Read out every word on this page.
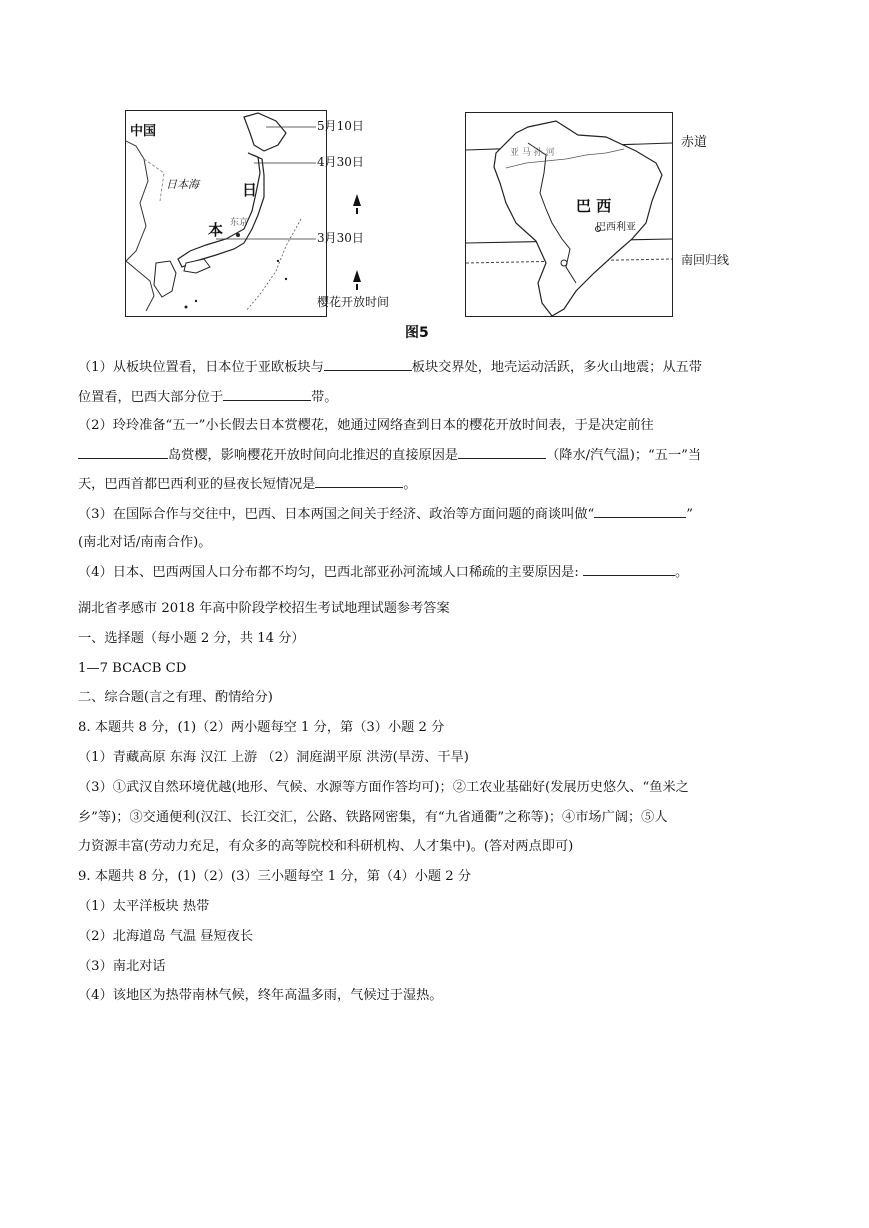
中国
日本海	日
本 东京
5月10日
4月30日
3月30日
樱花开放时间
亚 马 孙 河
巴 西
巴西利亚
赤道
南回归线
图5
（1）从板块位置看，日本位于亚欧板块与	板块交界处，地壳运动活跃，多火山地震；从五带
位置看，巴西大部分位于	带。
（2）玲玲准备“五一”小长假去日本赏樱花，她通过网络查到日本的樱花开放时间表，于是决定前往
岛赏樱，影响樱花开放时间向北推迟的直接原因是	（降水/汽气温)；“五一”当
天，巴西首都巴西利亚的昼夜长短情况是	。
（3）在国际合作与交往中，巴西、日本两国之间关于经济、政治等方面问题的商谈叫做“	”
(南北对话/南南合作)。
（4）日本、巴西两国人口分布都不均匀，巴西北部亚孙河流域人口稀疏的主要原因是:	。
湖北省孝感市 2018 年高中阶段学校招生考试地理试题参考答案
一、选择题（每小题 2 分，共 14 分）
1—7 BCACB CD
二、综合题(言之有理、酌情给分)
8. 本题共 8 分，(1)（2）两小题每空 1 分，第（3）小题 2 分
（1）青藏高原 东海 汉江 上游 （2）洞庭湖平原 洪涝(旱涝、干旱)
（3）①武汉自然环境优越(地形、气候、水源等方面作答均可)；②工农业基础好(发展历史悠久、“鱼米之
乡”等)；③交通便利(汉江、长江交汇，公路、铁路网密集，有“九省通衢”之称等)；④市场广阔；⑤人
力资源丰富(劳动力充足，有众多的高等院校和科研机构、人才集中)。(答对两点即可)
9. 本题共 8 分，(1)（2）(3）三小题每空 1 分，第（4）小题 2 分
（1）太平洋板块 热带
（2）北海道岛 气温 昼短夜长
（3）南北对话
（4）该地区为热带南林气候，终年高温多雨，气候过于湿热。
